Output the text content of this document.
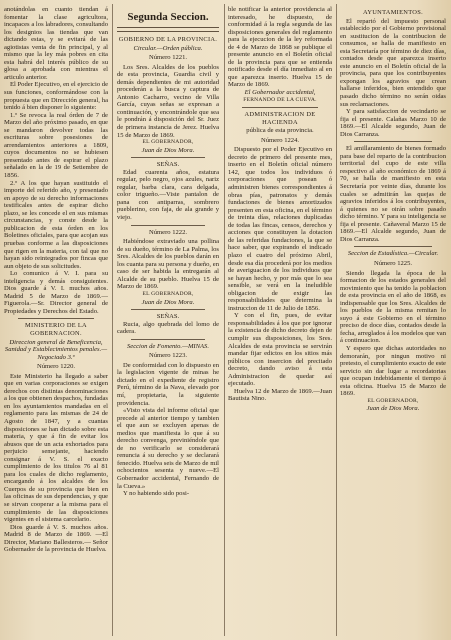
anotándolas en cuanto tiendan á fomentar la clase agricultora, incapaces a los labradores, consultando los designios las tiendas que van dictando estas, y se evitará de las agiotistas venta de fin principal, y al mismo que la ley más pobres en cita esta habrá del interés público de su glosa a aprobada con mientras el articulo anterior.

El Poder Ejecutivo, en el ejercicio de sus funciones, conformándose con la propuesta que en Dirección general, ha tenido á bien disponer lo siguiente:

1.º Se revoca la real órden de 7 de Marzo del año próximo pasado, en que se mandaron devolver todas las escrituras sobre posesiones de arrendamientos anteriores a 1809, cuyos documentos no se hubiesen presentado antes de espirar el plazo señalado en la de 19 de Setiembre de 1856.

2.º A los que hayan sustituido el importe del referido año, y presentado en apoyo de su derecho informaciones testificales antes de espirar dicho plazo, se les concede el en sus mismas circunstancias, y conste desde la publicacion de esta órden en los Boletines oficiales, para que acojan sus pruebas conforme a las disposiciones que rigen en la materia, con tal que no hayan sido reintegrados por fincas que aun objeto de sus solicitudes.

Lo comunico á V. I. para su inteligencia y demás consiguientes. Dios guarde á V. I. muchos años. Madrid 5 de Marzo de 1869.— Figuerola.—Sr. Director general de Propiedades y Derechos del Estado.

MINISTERIO DE LA GOBERNACION.

Direccion general de Beneficencia, Sanidad y Establecimientos penales.—Negociado 3.º

Número 1220.

Este Ministerio ha llegado a saber que en varias corporaciones se exigen derechos con distintas denominaciones a los que obtienen despachos, fundadas en los ayuntamientos mandadas en el reglamento para las mismas de 24 de Agosto de 1847, y a cuantas disposiciones se han dictado sobre esta materia, y que á fin de evitar los abusos que de un acta exhortados para perjuicio semejante, haciendo consignar á V. S. el exacto cumplimiento de los titulos 76 al 81 para los cuales de dicho reglamento, encargando á los alcaldes de los Cuerpos de su provincia que bien en las oficinas de sus dependencias, y que se sirvan cooperar a la misma para el cumplimiento de las disposiciones vigentes en el sistema carcelario.

Dios guarde á V. S. muchos años. Madrid 8 de Marzo de 1869. —El Director, Mariano Ballesteros.— Señor Gobernador de la provincia de Huelva.

Segunda Seccion.
GOBIERNO DE LA PROVINCIA.

Circular.—Orden pública.

Número 1221.

Los Sres. Alcaldes de los pueblos de esta provincia, Guardia civil y demás dependientes de mi autoridad procederán a la busca y captura de Antonio Cacharro, vecino de Villa García, cuyas señas se expresan a continuación, y encontrándole que sea le pondrán á disposición del Sr. Juez de primera instancia de Jerez. Huelva 15 de Marzo de 1869.

EL GOBERNADOR,

Juan de Dios Mora.

SEÑAS.

Edad cuarenta años, estatura regular, pelo negro, ojos azules, nariz regular, barba clara, cara delgada, color trigueño.—Viste pantalon de pana con antiparras, sombrero pueblerino, con faja, de ala grande y viejo.

Número 1222.

Habiéndose extraviado una pollina de su dueño, término de La Palma, los Sres. Alcaldes de los pueblos darán en los cuanta para su persona y dueño, en caso de ser habida la entregarán al Alcalde de su pueblo. Huelva 15 de Marzo de 1869.

EL GOBERNADOR,

Juan de Dios Mora.

SEÑAS.

Rucia, algo quebrada del lomo de cadera.

Seccion de Fomento.—MINAS.

Número 1223.

De conformidad con lo dispuesto en la legislacion vigente de minas he dictado en el expediente de registro Perú, término de la Nava, elevado por mí, propietaria, la siguiente providencia.

«Visto vista del informe oficial que precede al anterior tiempo y tambien el que aun se excluyen apenas de medios que manifiesta lo que á su derecho convenga, previniéndole que de no verificarlo se considerará renuncia á su derecho y se declarará fenecido. Huelva seis de Marzo de mil ochocientos sesenta y nueve.—El Gobernador accidental, Fernando de la Cueva.»

Y no habiendo sido posi-

ble notificar la anterior providencia al interesado, he dispuesto, de conformidad á la regla segunda de las disposiciones generales del reglamento para la ejecucion de la ley reformada de 4 de Marzo de 1868 se publique el presente anuncio en el Boletín oficial de la provincia para que se entienda notificado desde el día inmediato al en que aparezca inserto. Huelva 15 de Marzo de 1869.

El Gobernador accidental,

FERNANDO DE LA CUEVA.

ADMINISTRACION DE HACIENDA

pública de esta provincia.

Número 1224.

Dispuesto por el Poder Ejecutivo en decreto de primero del presente mes, inserto en el Boletín oficial número 142, que todos los individuos ó corporaciones que posean ó administren bienes correspondientes á obras pías, patronatos y demás fundaciones de bienes amortizados presenten en esta oficina, en el término de treinta días, relaciones duplicadas de todas las fincas, censos, derechos y acciones que constituyen la dotacion de las referidas fundaciones, la que se hace saber, que expirando el indicado plazo el cuatro del próximo Abril, desde esa día procederá por los medios de averiguacion de los individuos que se hayan hecho, y por más que lo sea sensible, se verá en la ineludible obligacion de exigir las responsabilidades que determina la instruccion de 11 de Julio de 1856.

Y con el fin, pues, de evitar responsabilidades á los que por ignorar la existencia de dicho decreto dejen de cumplir sus disposiciones, los Sres. Alcaldes de esta provincia se servirán mandar fijar edictos en los sitios más públicos con insercion del precitado decreto, dando aviso á esta Administracion de quedar así ejecutado.

Huelva 12 de Marzo de 1869.—Juan Bautista Nino.

AYUNTAMIENTOS.

El repartó del impuesto personal establecido por el Gobierno provisional en sustitucion de la contribucion de consumos, se halla de manifiesto en esta Secretaría por término de diez días, contados desde que aparezca inserto este anuncio en el Boletín oficial de la provincia, para que los contribuyentes expongan los agravios que crean hallarse inferidos, bien entendido que pasado dicho término no serán oidas sus reclamaciones.

Y para satisfaccion de vecindario se fija el presente. Calañas Marzo 10 de 1869.—El Alcalde segundo, Juan de Dios Carranza.

El amillaramiento de bienes formado para base del reparto de la contribucion territorial del cupo de este villa respectivo al año económico de 1869 á 70, se halla de manifiesto en esta Secretaría por veinte días, durante los cuales se admitirán las quejas de agravios inferidos á los contribuyentes, á quienes no se oirán sobre pasado dicho término. Y para su inteligencia se fija el presente. Cañaveral Marzo 15 de 1869.—El Alcalde segundo, Juan de Dios Carranza.

Seccion de Estadística.—Circular.

Número 1225.

Siendo llegada la época de la formacion de los estados generales del movimiento que ha tenido la poblacion de esta provincia en el año de 1868, es indispensable que los Sres. Alcaldes de los pueblos de la misma remitan lo suyo á este Gobierno en el término preciso de doce días, contados desde la fecha, arreglados á los modelos que van á continuacion.

Y espero que dichas autoridades no demorarán, por ningun motivo ni pretesto, el cumplimiento exacto de este servicio sin dar lugar a recordatorias que ocupan indebidamente el tiempo á esta oficina. Huelva 15 de Marzo de 1869.

EL GOBERNADOR,

Juan de Dios Mora.
